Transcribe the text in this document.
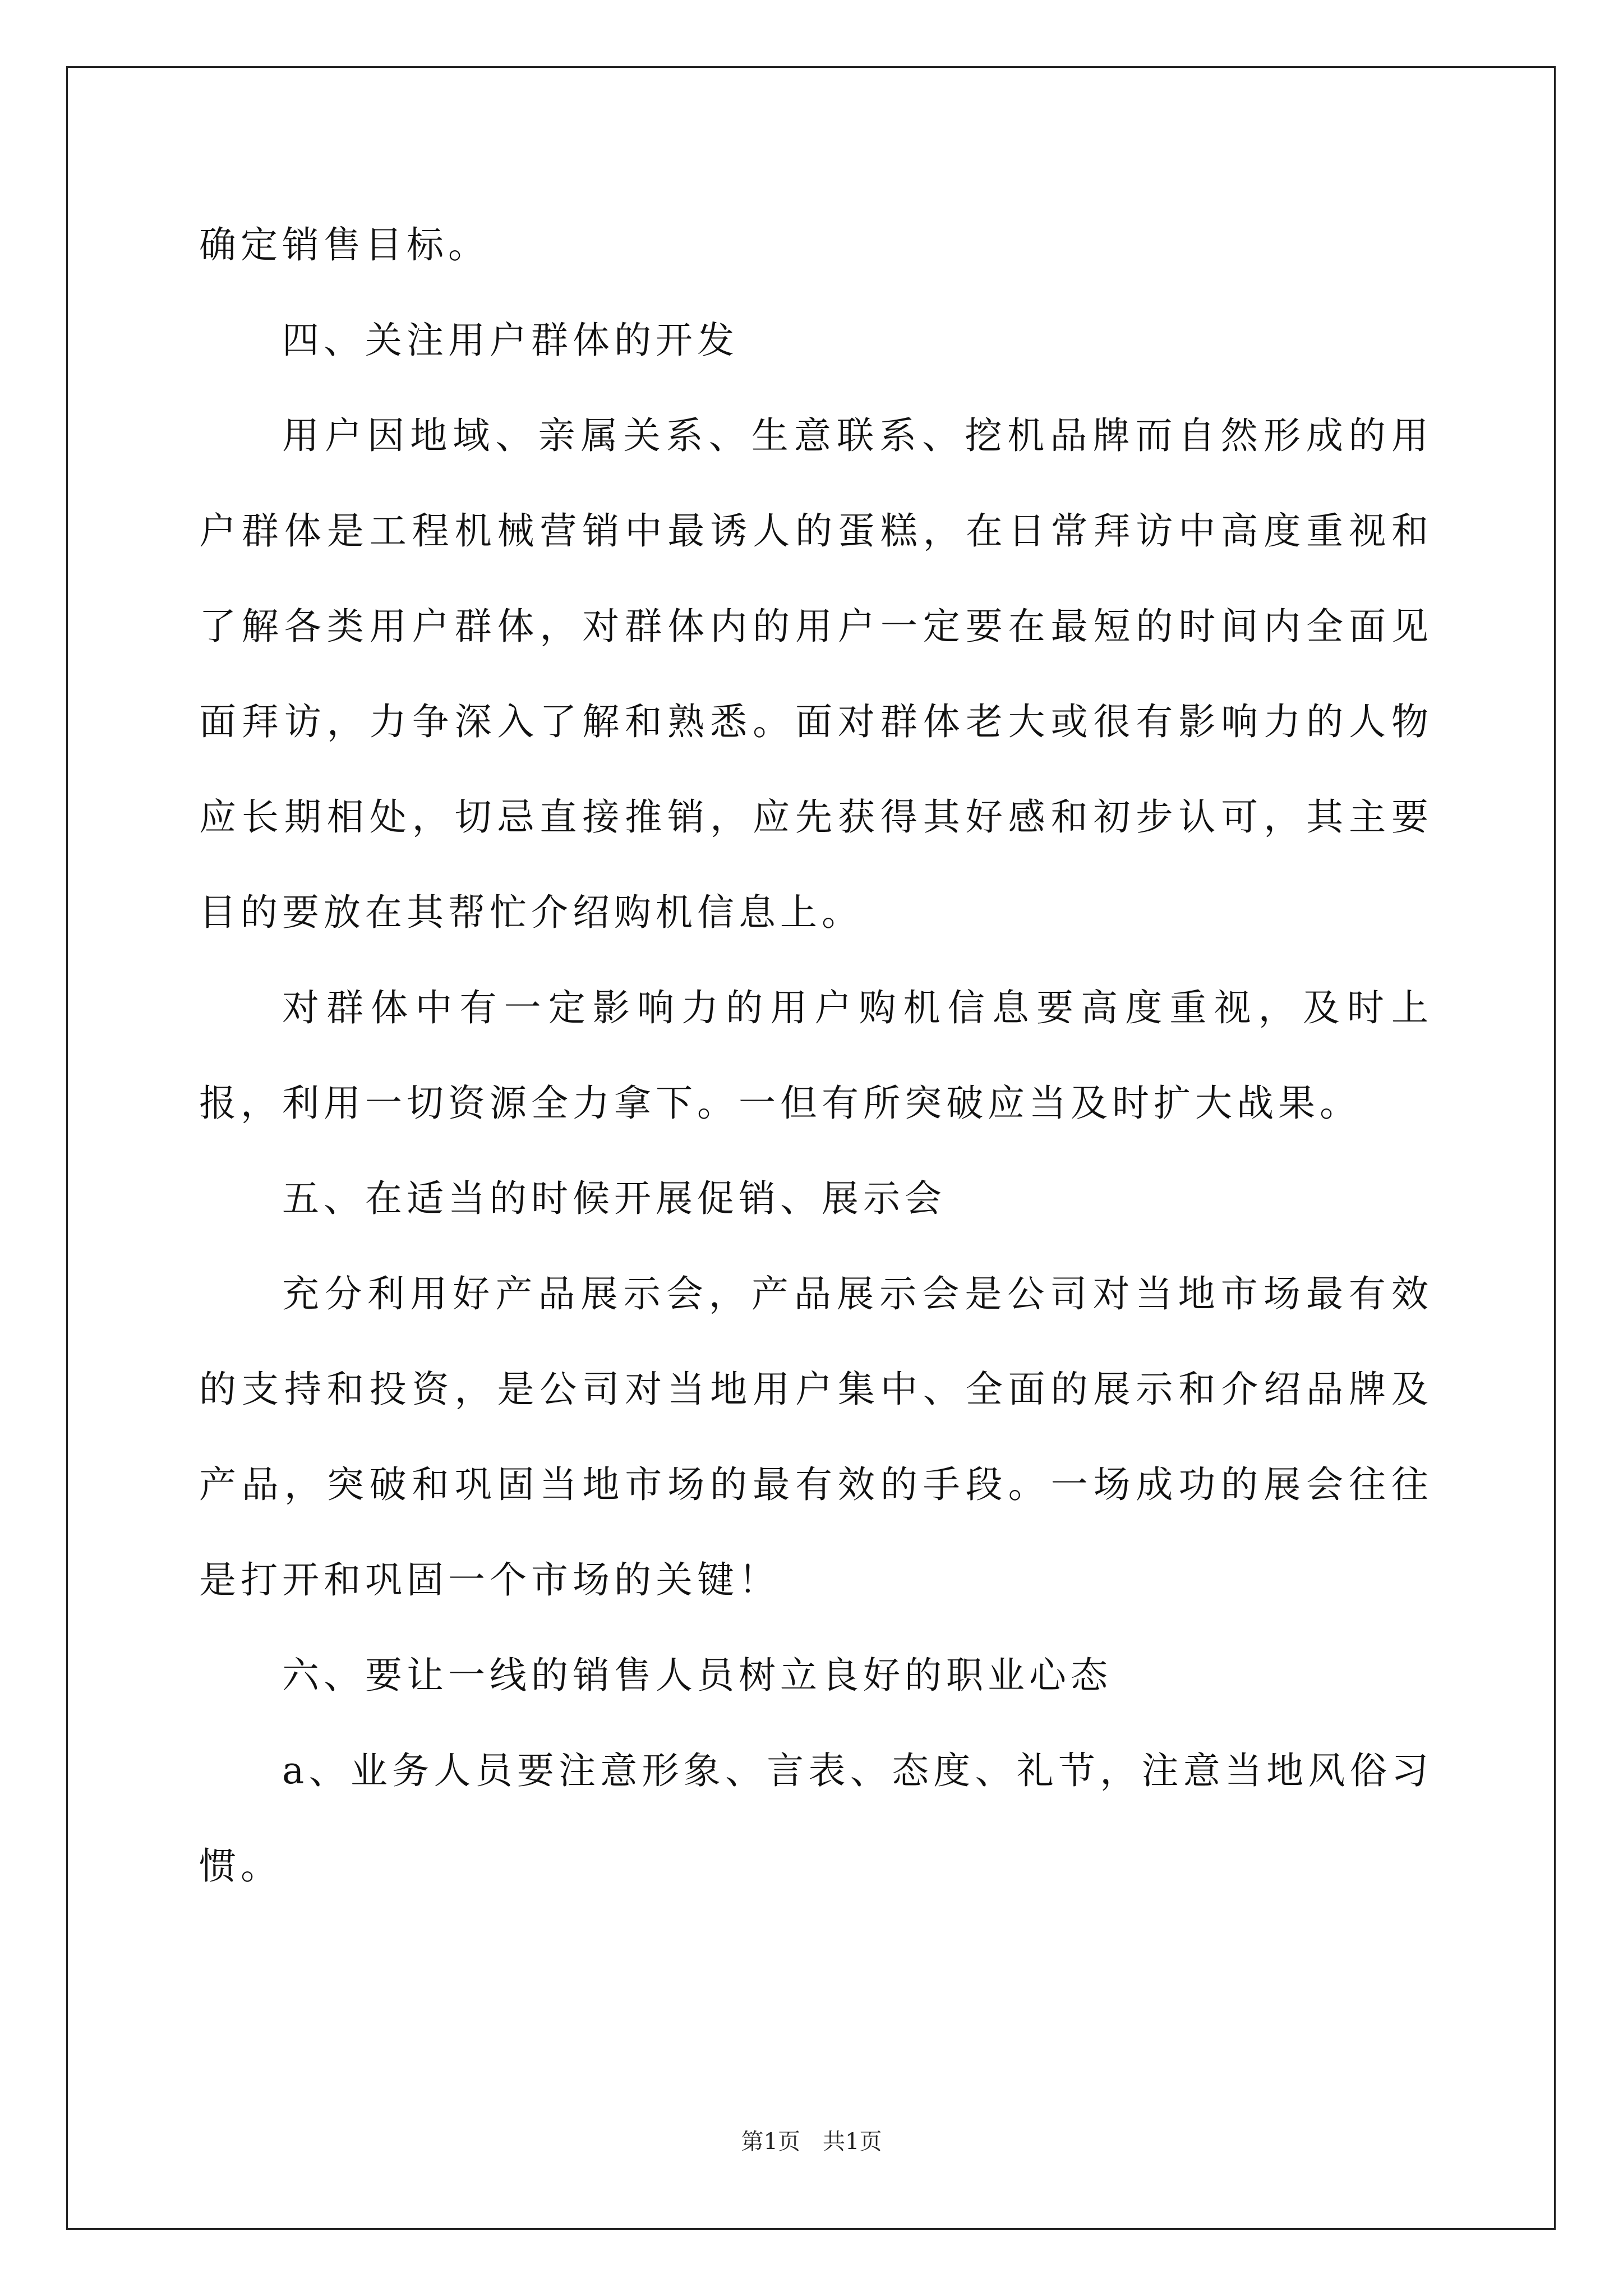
确定销售目标。

四、关注用户群体的开发

用户因地域、亲属关系、生意联系、挖机品牌而自然形成的用户群体是工程机械营销中最诱人的蛋糕，在日常拜访中高度重视和了解各类用户群体，对群体内的用户一定要在最短的时间内全面见面拜访，力争深入了解和熟悉。面对群体老大或很有影响力的人物应长期相处，切忌直接推销，应先获得其好感和初步认可，其主要目的要放在其帮忙介绍购机信息上。

对群体中有一定影响力的用户购机信息要高度重视，及时上报，利用一切资源全力拿下。一但有所突破应当及时扩大战果。

五、在适当的时候开展促销、展示会

充分利用好产品展示会，产品展示会是公司对当地市场最有效的支持和投资，是公司对当地用户集中、全面的展示和介绍品牌及产品，突破和巩固当地市场的最有效的手段。一场成功的展会往往是打开和巩固一个市场的关键！

六、要让一线的销售人员树立良好的职业心态

a、业务人员要注意形象、言表、态度、礼节，注意当地风俗习惯。

第1页　共1页
